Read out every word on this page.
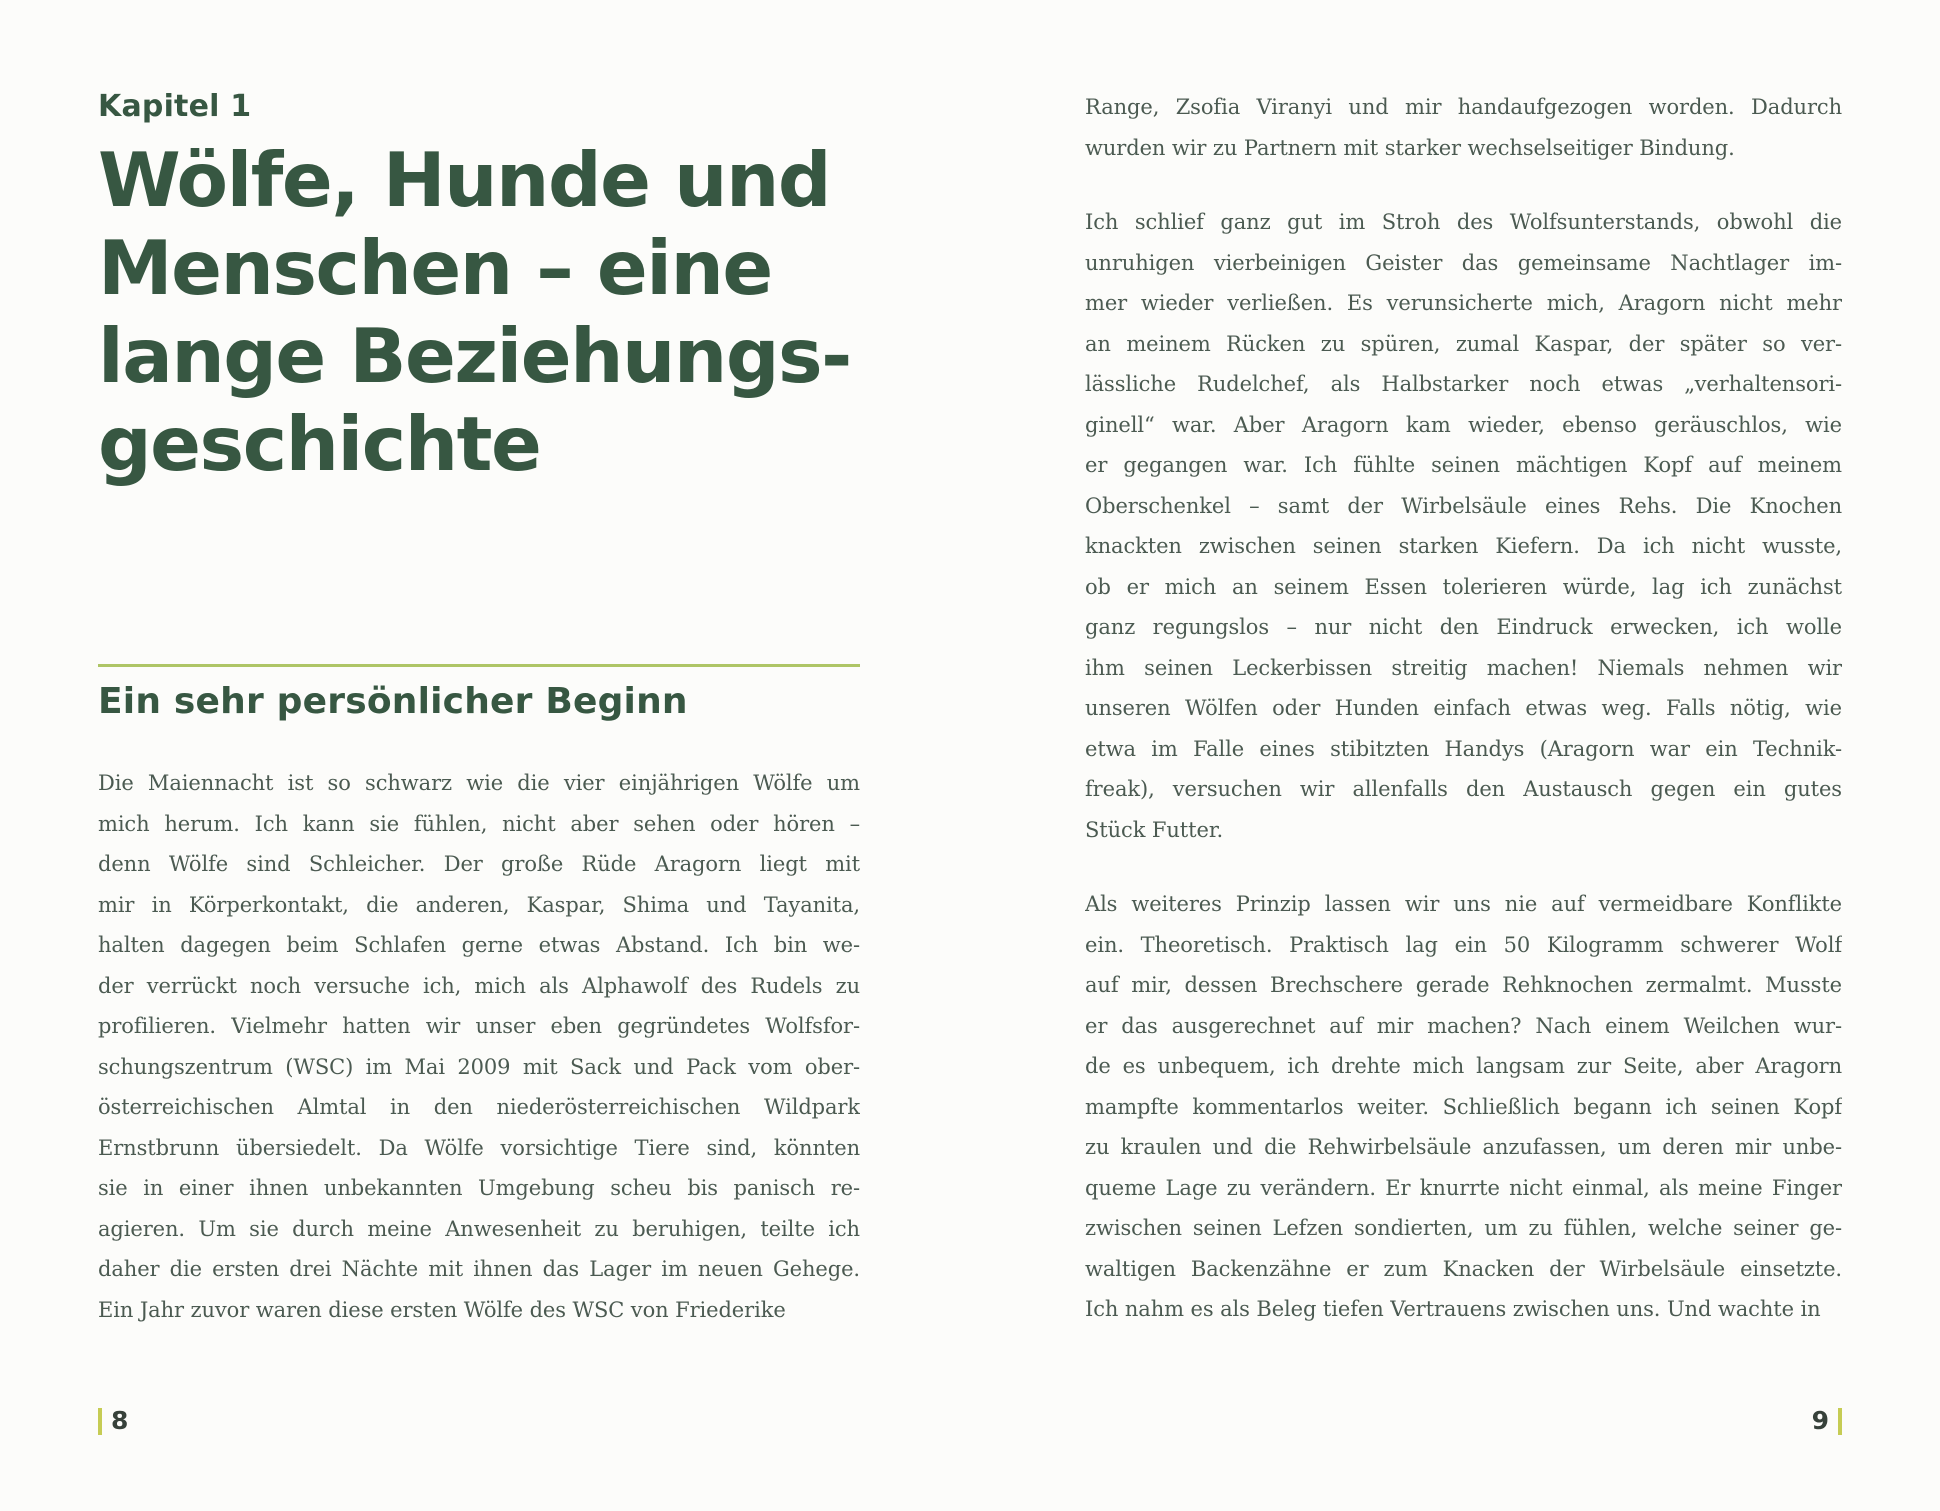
Kapitel 1
Wölfe, Hunde und
Menschen – eine
lange Beziehungs-
geschichte
Ein sehr persönlicher Beginn
Die Maiennacht ist so schwarz wie die vier einjährigen Wölfe um
mich herum. Ich kann sie fühlen, nicht aber sehen oder hören –
denn Wölfe sind Schleicher. Der große Rüde Aragorn liegt mit
mir in Körperkontakt, die anderen, Kaspar, Shima und Tayanita,
halten dagegen beim Schlafen gerne etwas Abstand. Ich bin we-
der verrückt noch versuche ich, mich als Alphawolf des Rudels zu
profilieren. Vielmehr hatten wir unser eben gegründetes Wolfsfor-
schungszentrum (WSC) im Mai 2009 mit Sack und Pack vom ober-
österreichischen Almtal in den niederösterreichischen Wildpark
Ernstbrunn übersiedelt. Da Wölfe vorsichtige Tiere sind, könnten
sie in einer ihnen unbekannten Umgebung scheu bis panisch re-
agieren. Um sie durch meine Anwesenheit zu beruhigen, teilte ich
daher die ersten drei Nächte mit ihnen das Lager im neuen Gehege.
Ein Jahr zuvor waren diese ersten Wölfe des WSC von Friederike
8
Range, Zsofia Viranyi und mir handaufgezogen worden. Dadurch
wurden wir zu Partnern mit starker wechselseitiger Bindung.
Ich schlief ganz gut im Stroh des Wolfsunterstands, obwohl die
unruhigen vierbeinigen Geister das gemeinsame Nachtlager im-
mer wieder verließen. Es verunsicherte mich, Aragorn nicht mehr
an meinem Rücken zu spüren, zumal Kaspar, der später so ver-
lässliche Rudelchef, als Halbstarker noch etwas „verhaltensori-
ginell“ war. Aber Aragorn kam wieder, ebenso geräuschlos, wie
er gegangen war. Ich fühlte seinen mächtigen Kopf auf meinem
Oberschenkel – samt der Wirbelsäule eines Rehs. Die Knochen
knackten zwischen seinen starken Kiefern. Da ich nicht wusste,
ob er mich an seinem Essen tolerieren würde, lag ich zunächst
ganz regungslos – nur nicht den Eindruck erwecken, ich wolle
ihm seinen Leckerbissen streitig machen! Niemals nehmen wir
unseren Wölfen oder Hunden einfach etwas weg. Falls nötig, wie
etwa im Falle eines stibitzten Handys (Aragorn war ein Technik-
freak), versuchen wir allenfalls den Austausch gegen ein gutes
Stück Futter.
Als weiteres Prinzip lassen wir uns nie auf vermeidbare Konflikte
ein. Theoretisch. Praktisch lag ein 50 Kilogramm schwerer Wolf
auf mir, dessen Brechschere gerade Rehknochen zermalmt. Musste
er das ausgerechnet auf mir machen? Nach einem Weilchen wur-
de es unbequem, ich drehte mich langsam zur Seite, aber Aragorn
mampfte kommentarlos weiter. Schließlich begann ich seinen Kopf
zu kraulen und die Rehwirbelsäule anzufassen, um deren mir unbe-
queme Lage zu verändern. Er knurrte nicht einmal, als meine Finger
zwischen seinen Lefzen sondierten, um zu fühlen, welche seiner ge-
waltigen Backenzähne er zum Knacken der Wirbelsäule einsetzte.
Ich nahm es als Beleg tiefen Vertrauens zwischen uns. Und wachte in
9
